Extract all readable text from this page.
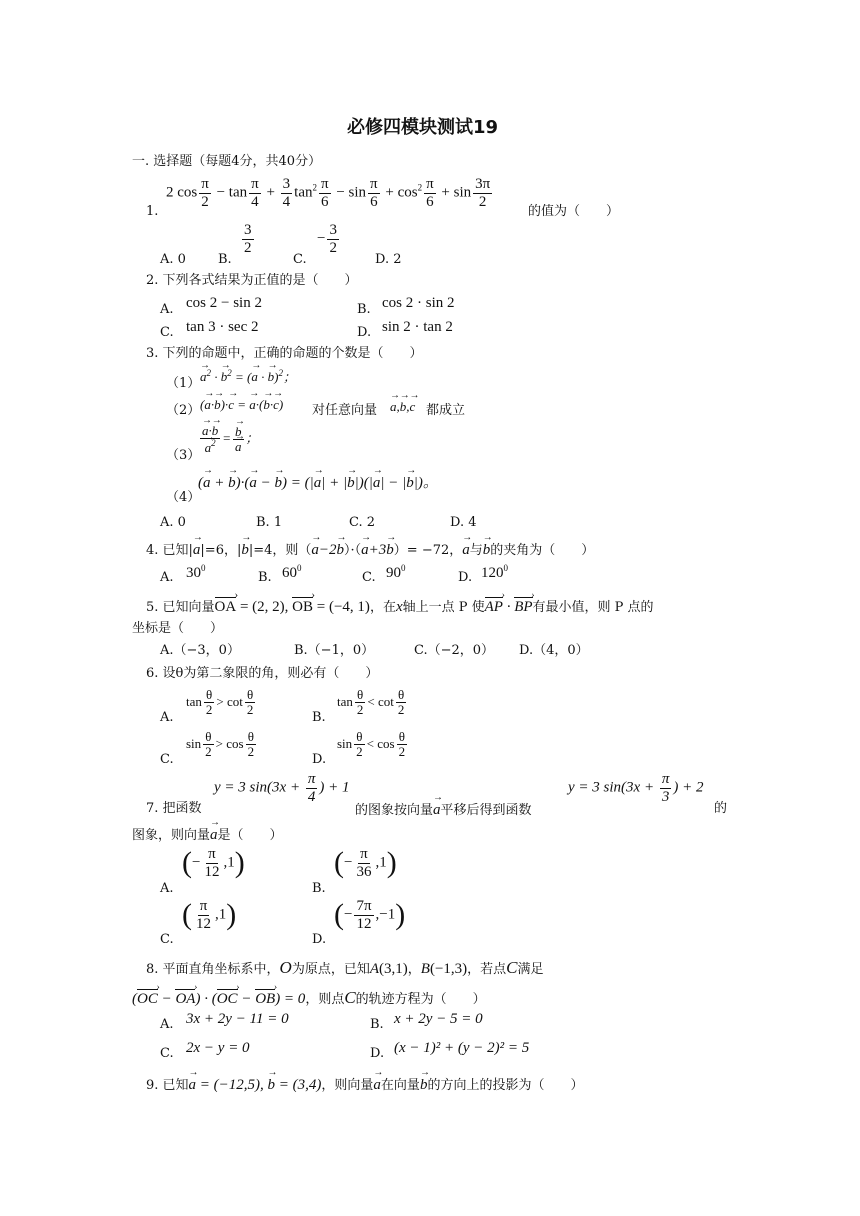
必修四模块测试19
一. 选择题（每题4分，共40分）
2 $\cos \frac{\pi}{2} - \tan \frac{\pi}{4} + \frac{3}{4} \tan^2 \frac{\pi}{6} - \sin \frac{\pi}{6} + \cos^2 \frac{\pi}{6} + \sin \frac{3\pi}{2}$
1.	的值为（　　）
A. 0 B.
$\frac{3}{2}$
C.
− $\frac{3}{2}$
D. 2
2. 下列各式结果为正值的是（　　）
A. cos 2 − sin 2	B. cos 2 · sin 2
C. tan 3 · sec 2	D. sin 2 · tan 2
3. 下列的命题中，正确的命题的个数是（　　）
（1）
→ $a^2$ · → $b^2$ = (→ a · → b)$^2$；
（2） (→ a·→ b)·→ c = → a·(→ b·→ c) 对任意向量
→ a,→ b,→ c 都成立
（3）
→ a·→ b
→ $a^2$ =
→ b
→ a ；
（4）
(→ a + → b)·(→ a − → b) = (|→ a| + |→ b|)(|→ a| − |→ b|)。
A. 0	B. 1	C. 2	D. 4
4. 已知|→ a|=6，|→ b|=4，则（→ a−2→ b）·（→ a+3→ b）= −72，→ a与→ b的夹角为（　　）
A. $30^0$
B. $60^0$
C. $90^0$
D. $120^0$
5. 已知向量OA › = (2, 2), OB › = (−4, 1)，在x轴上一点 P 使AP › · BP ›有最小值，则 P 点的
坐标是（　　）
A.（−3，0）	B.（−1，0）	C.（−2，0） D.（4，0）
6. 设θ为第二象限的角，则必有（　　）
A.
$\tan \frac{\theta}{2} > \cot \frac{\theta}{2}$	B.
$\tan \frac{\theta}{2} < \cot \frac{\theta}{2}$
C.
$\sin \frac{\theta}{2} > \cos \frac{\theta}{2}$	D.
$\sin \frac{\theta}{2} < \cos \frac{\theta}{2}$
y = 3 $\sin(3x + \frac{\pi}{4}$ ) + 1	y = 3 $\sin(3x + \frac{\pi}{3}$ ) + 2
7. 把函数	的图象按向量→ a平移后得到函数	的
图象，则向量→ a是（　　）
A.
(− $\frac{\pi}{12} ,1$)
B.
(− $\frac{\pi}{36} ,1$)
C.
( $\frac{\pi}{12} ,1$)
D.
(− $\frac{7\pi}{12} ,-1$)
8. 平面直角坐标系中，O为原点，已知A(3,1)，B(−1,3)，若点C满足
(OC › − OA ›) · (OC › − OB ›) = 0，则点C的轨迹方程为（　　）
A. 3x + 2y − 11 = 0	B. x + 2y − 5 = 0
C. 2x − y = 0	D. (x − 1)² + (y − 2)² = 5
9. 已知→ a = (−12,5), → b = (3,4)，则向量→ a在向量→ b的方向上的投影为（　　）
